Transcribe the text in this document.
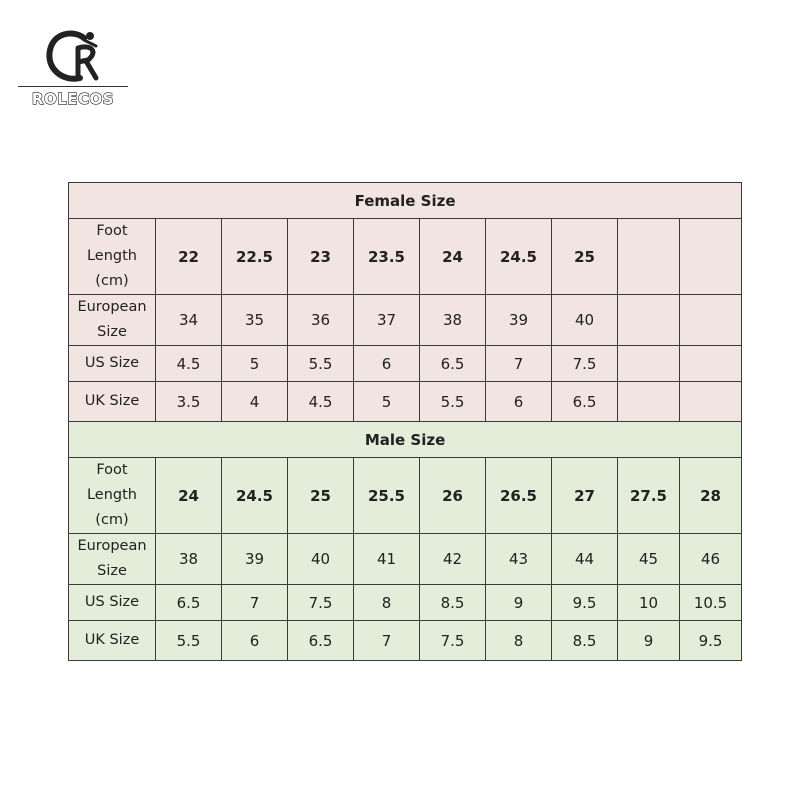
ROLECOS
Female Size									

Foot
Length
(cm)	22	22.5	23	23.5	24	24.5	25		

European
Size	34	35	36	37	38	39	40		

US Size	4.5	5	5.5	6	6.5	7	7.5		

UK Size	3.5	4	4.5	5	5.5	6	6.5		
Male Size									

Foot
Length
(cm)	24	24.5	25	25.5	26	26.5	27	27.5	28

European
Size	38	39	40	41	42	43	44	45	46

US Size	6.5	7	7.5	8	8.5	9	9.5	10	10.5

UK Size	5.5	6	6.5	7	7.5	8	8.5	9	9.5
